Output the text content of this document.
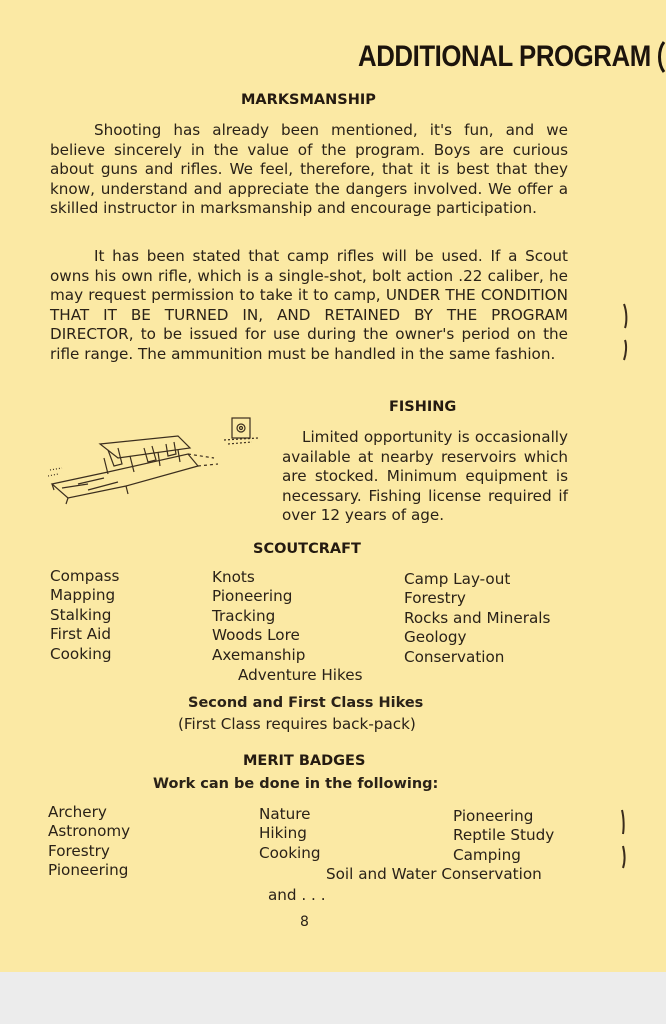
ADDITIONAL PROGRAM
MARKSMANSHIP

Shooting has already been mentioned, it's fun, and we believe sincerely in the value of the program. Boys are curious about guns and rifles. We feel, therefore, that it is best that they know, understand and appreciate the dangers involved. We offer a skilled instructor in marksmanship and encourage participation.

It has been stated that camp rifles will be used. If a Scout owns his own rifle, which is a single-shot, bolt action .22 caliber, he may request permission to take it to camp, UNDER THE CONDITION THAT IT BE TURNED IN, AND RETAINED BY THE PROGRAM DIRECTOR, to be issued for use during the owner's period on the rifle range. The ammunition must be handled in the same fashion.

FISHING

Limited opportunity is occasionally available at nearby reservoirs which are stocked. Minimum equipment is necessary. Fishing license required if over 12 years of age.

SCOUTCRAFT
Compass
Mapping
Stalking
First Aid
Cooking
Knots
Pioneering
Tracking
Woods Lore
Axemanship
Camp Lay-out
Forestry
Rocks and Minerals
Geology
Conservation
Adventure Hikes
Second and First Class Hikes
(First Class requires back-pack)
MERIT BADGES
Work can be done in the following:
Archery
Astronomy
Forestry
Pioneering
Nature
Hiking
Cooking
Pioneering
Reptile Study
Camping
Soil and Water Conservation
and . . .
8
